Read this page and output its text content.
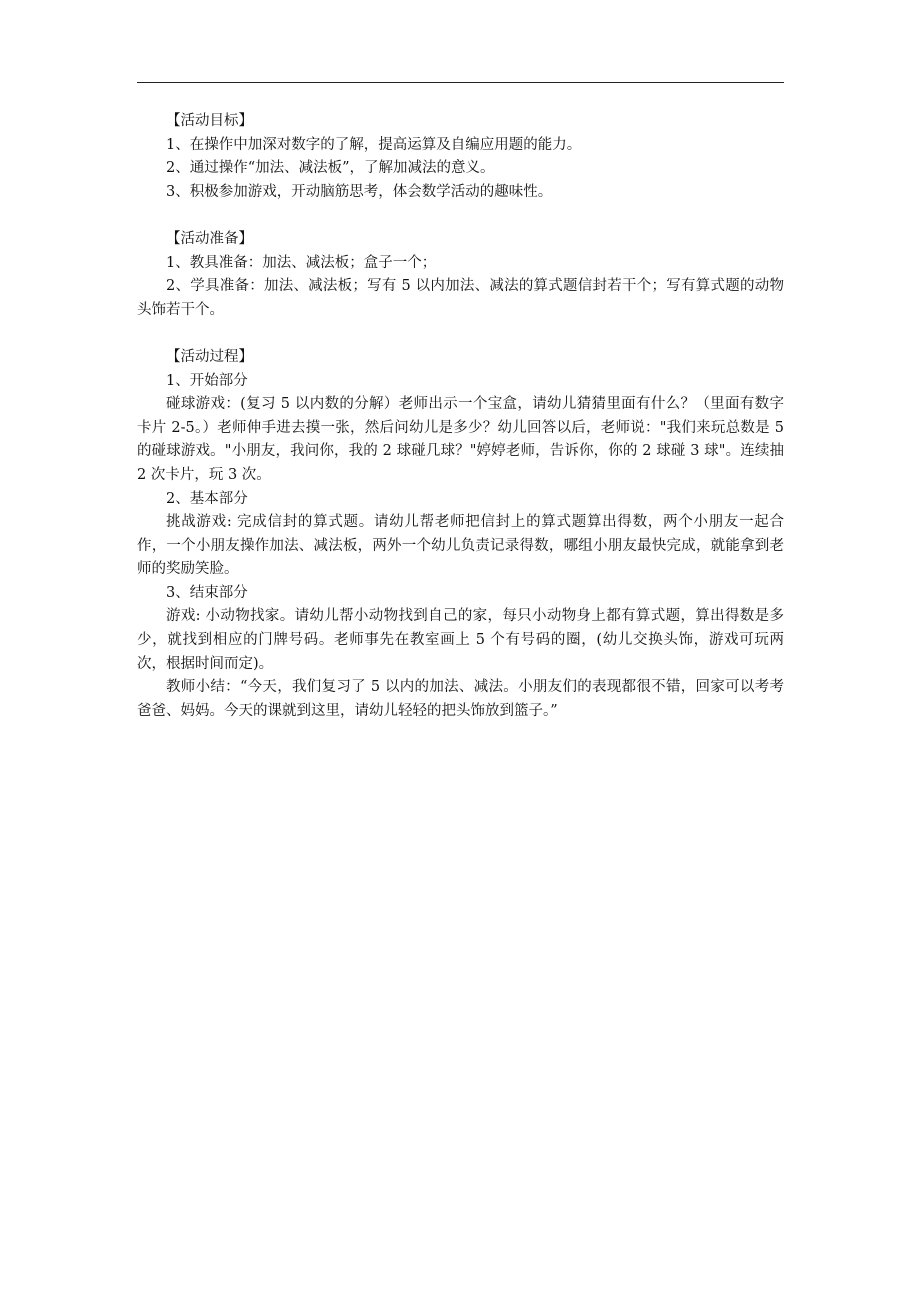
【活动目标】

1、在操作中加深对数字的了解，提高运算及自编应用题的能力。

2、通过操作“加法、减法板”，了解加减法的意义。

3、积极参加游戏，开动脑筋思考，体会数学活动的趣味性。

【活动准备】

1、教具准备：加法、减法板；盒子一个；

2、学具准备：加法、减法板；写有 5 以内加法、减法的算式题信封若干个；写有算式题的动物头饰若干个。

【活动过程】

1、开始部分

碰球游戏：(复习 5 以内数的分解）老师出示一个宝盒，请幼儿猜猜里面有什么？（里面有数字卡片 2-5。）老师伸手进去摸一张，然后问幼儿是多少？幼儿回答以后，老师说："我们来玩总数是 5 的碰球游戏。"小朋友，我问你，我的 2 球碰几球？"婷婷老师，告诉你，你的 2 球碰 3 球"。连续抽 2 次卡片，玩 3 次。

2、基本部分

挑战游戏: 完成信封的算式题。请幼儿帮老师把信封上的算式题算出得数，两个小朋友一起合作，一个小朋友操作加法、减法板，两外一个幼儿负责记录得数，哪组小朋友最快完成，就能拿到老师的奖励笑脸。

3、结束部分

游戏: 小动物找家。请幼儿帮小动物找到自己的家，每只小动物身上都有算式题，算出得数是多少，就找到相应的门牌号码。老师事先在教室画上 5 个有号码的圈，(幼儿交换头饰，游戏可玩两次，根据时间而定)。

教师小结：“今天，我们复习了 5 以内的加法、减法。小朋友们的表现都很不错，回家可以考考爸爸、妈妈。今天的课就到这里，请幼儿轻轻的把头饰放到篮子。”
